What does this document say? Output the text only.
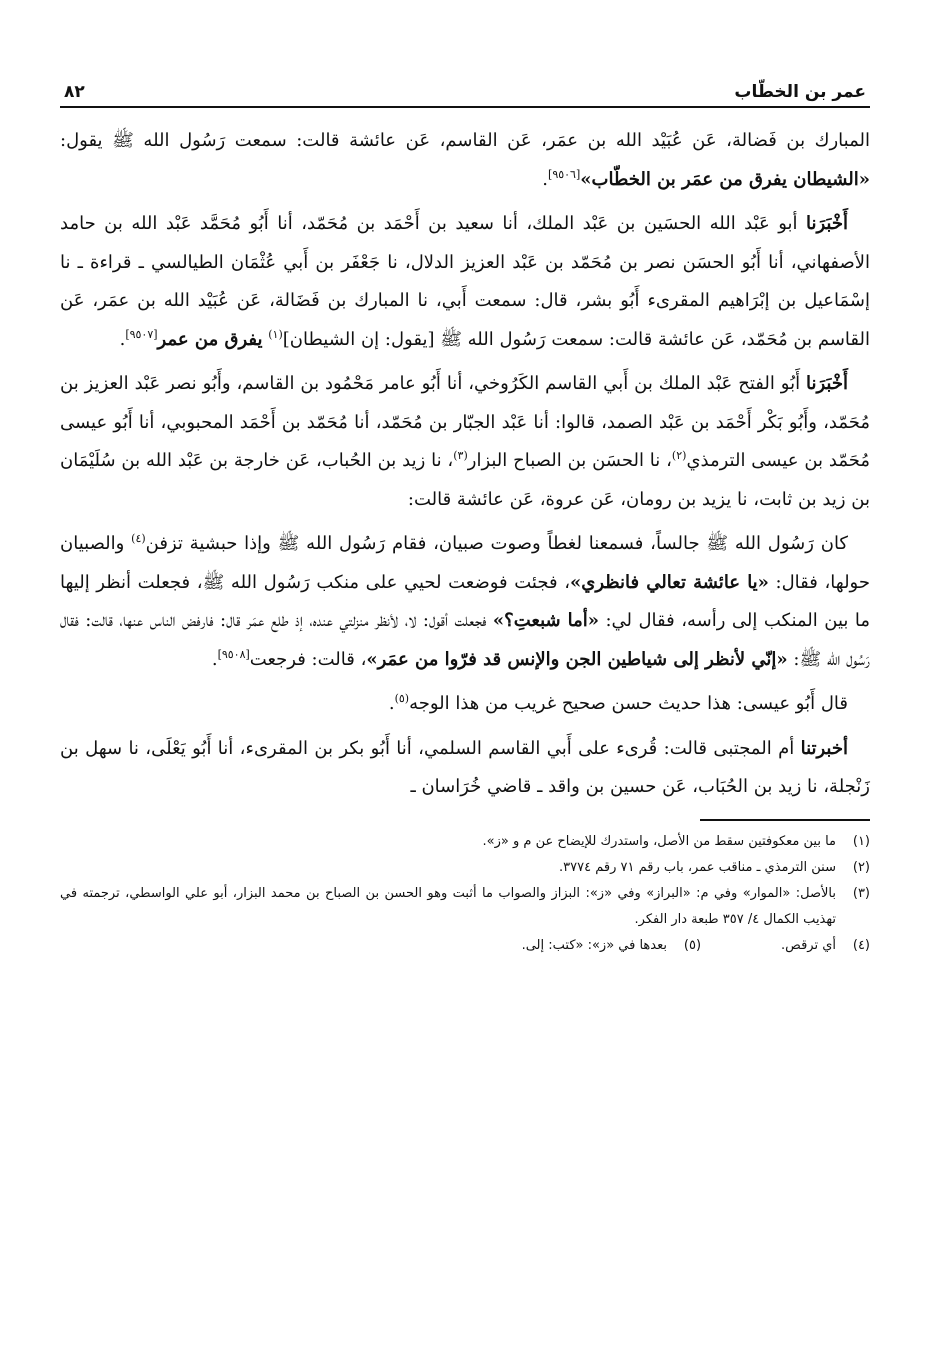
عمر بن الخطّاب
٨٢

المبارك بن فَضالة، عَن عُبَيْد الله بن عمَر، عَن القاسم، عَن عائشة قالت: سمعت رَسُول الله ﷺ يقول: «الشيطان يفرق من عمَر بن الخطّاب»[٩٥٠٦].

أَخْبَرَنا أبو عَبْد الله الحسَين بن عَبْد الملك، أنا سعيد بن أَحْمَد بن مُحَمّد، أنا أَبُو مُحَمَّد عَبْد الله بن حامد الأصفهاني، أنا أَبُو الحسَن نصر بن مُحَمّد بن عَبْد العزيز الدلال، نا جَعْفَر بن أَبي عُثْمَان الطيالسي ـ قراءة ـ نا إسْمَاعيل بن إبْرَاهيم المقرىء أَبُو بشر، قال: سمعت أَبي، نا المبارك بن فَضَالة، عَن عُبَيْد الله بن عمَر، عَن القاسم بن مُحَمّد، عَن عائشة قالت: سمعت رَسُول الله ﷺ [يقول: إن الشيطان]$^{(١)}$ يفرق من عمر[٩٥٠٧].

أَخْبَرَنا أَبُو الفتح عَبْد الملك بن أَبي القاسم الكَرُوخي، أنا أَبُو عامر مَحْمُود بن القاسم، وأَبُو نصر عَبْد العزيز بن مُحَمّد، وأَبُو بَكْر أَحْمَد بن عَبْد الصمد، قالوا: أنا عَبْد الجبّار بن مُحَمّد، أنا مُحَمّد بن أَحْمَد المحبوبي، أنا أَبُو عيسى مُحَمّد بن عيسى الترمذي$^{(٢)}$، نا الحسَن بن الصباح البزار$^{(٣)}$، نا زيد بن الحُباب، عَن خارجة بن عَبْد الله بن سُلَيْمَان بن زيد بن ثابت، نا يزيد بن رومان، عَن عروة، عَن عائشة قالت:

كان رَسُول الله ﷺ جالساً، فسمعنا لغطاً وصوت صبيان، فقام رَسُول الله ﷺ وإذا حبشية تزفن$^{(٤)}$ والصبيان حولها، فقال: «يا عائشة تعالي فانظري»، فجئت فوضعت لحيي على منكب رَسُول الله ﷺ، فجعلت أنظر إليها ما بين المنكب إلى رأسه، فقال لي: «أما شبعتِ؟» فجعلت أقول: لا، لأنظر منزلتي عنده، إذ طلع عمَر قال: فارفض الناس عنها، قالت: فقال رَسُول الله ﷺ: «إنّي لأنظر إلى شياطين الجن والإنس قد فرّوا من عمَر»، قالت: فرجعت[٩٥٠٨].

قال أَبُو عيسى: هذا حديث حسن صحيح غريب من هذا الوجه$^{(٥)}$.

أخبرتنا أم المجتبى قالت: قُرىء على أَبي القاسم السلمي، أنا أَبُو بكر بن المقرىء، أنا أَبُو يَعْلَى، نا سهل بن زَنْجلة، نا زيد بن الحُبَاب، عَن حسين بن واقد ـ قاضي خُرَاسان ـ

(١)
ما بين معكوفتين سقط من الأصل، واستدرك للإيضاح عن م و «ز».
(٢)
سنن الترمذي ـ مناقب عمر، باب رقم ٧١ رقم ٣٧٧٤.
(٣)
بالأصل: «الموار» وفي م: «البراز» وفي «ز»: البزاز والصواب ما أثبت وهو الحسن بن الصباح بن محمد البزار، أبو علي الواسطي، ترجمته في تهذيب الكمال ٤/ ٣٥٧ طبعة دار الفكر.
(٤)
أي ترقص.
(٥)
بعدها في «ز»: «كتب: إلى.
